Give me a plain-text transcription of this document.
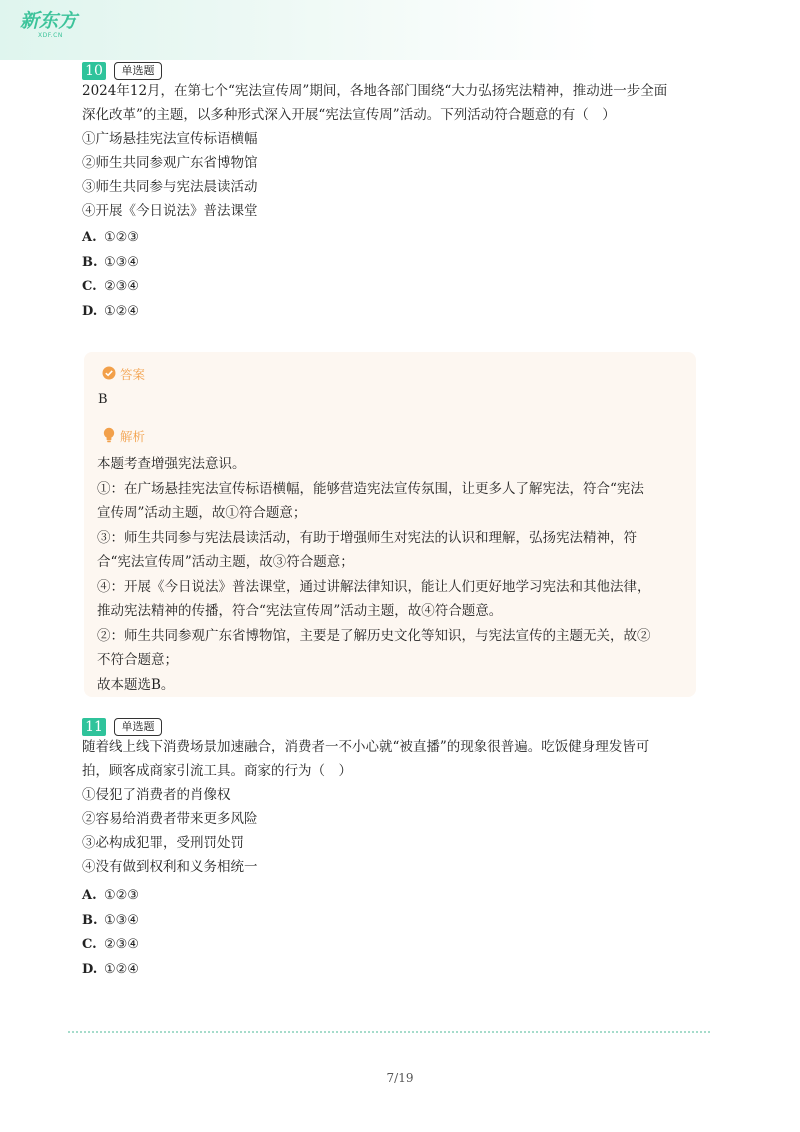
新东方
XDF.CN
10	单选题

2024年12月，在第七个“宪法宣传周”期间，各地各部门围绕“大力弘扬宪法精神，推动进一步全面

深化改革”的主题，以多种形式深入开展“宪法宣传周”活动。下列活动符合题意的有（　）

①广场悬挂宪法宣传标语横幅

②师生共同参观广东省博物馆

③师生共同参与宪法晨读活动

④开展《今日说法》普法课堂

A. ①②③
B. ①③④
C. ②③④
D. ①②④
答案
B
解析

本题考查增强宪法意识。

①：在广场悬挂宪法宣传标语横幅，能够营造宪法宣传氛围，让更多人了解宪法，符合“宪法

宣传周”活动主题，故①符合题意；

③：师生共同参与宪法晨读活动，有助于增强师生对宪法的认识和理解，弘扬宪法精神，符

合“宪法宣传周”活动主题，故③符合题意；

④：开展《今日说法》普法课堂，通过讲解法律知识，能让人们更好地学习宪法和其他法律，

推动宪法精神的传播，符合“宪法宣传周”活动主题，故④符合题意。

②：师生共同参观广东省博物馆，主要是了解历史文化等知识，与宪法宣传的主题无关，故②

不符合题意；

故本题选B。

11	单选题

随着线上线下消费场景加速融合，消费者一不小心就“被直播”的现象很普遍。吃饭健身理发皆可

拍，顾客成商家引流工具。商家的行为（　）

①侵犯了消费者的肖像权

②容易给消费者带来更多风险

③必构成犯罪，受刑罚处罚

④没有做到权利和义务相统一

A. ①②③
B. ①③④
C. ②③④
D. ①②④
7/19
